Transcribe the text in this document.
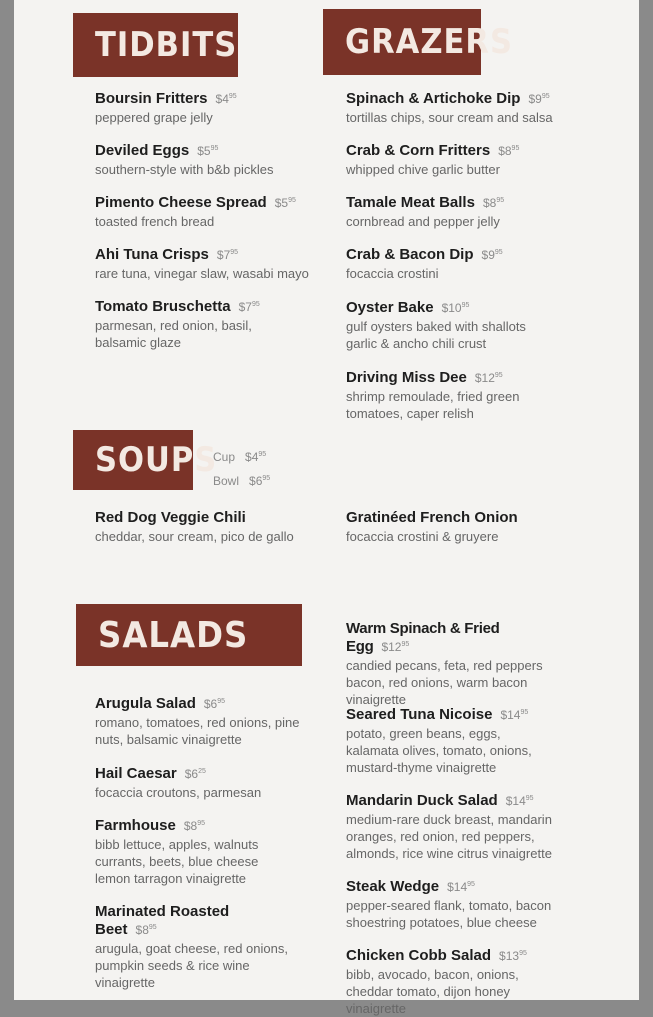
TIDBITS	GRAZERS
SOUPS
SALADS
Boursin Fritters $\$4^{95}$
peppered grape jelly
Deviled Eggs $\$5^{95}$
southern-style with b&b pickles
Pimento Cheese Spread $\$5^{95}$
toasted french bread
Ahi Tuna Crisps $\$7^{95}$
rare tuna, vinegar slaw, wasabi mayo
Tomato Bruschetta $\$7^{95}$
parmesan, red onion, basil, balsamic glaze
Spinach & Artichoke Dip $\$9^{95}$
tortillas chips, sour cream and salsa
Crab & Corn Fritters $\$8^{95}$
whipped chive garlic butter
Tamale Meat Balls $\$8^{95}$
cornbread and pepper jelly
Crab & Bacon Dip $\$9^{95}$
focaccia crostini
Oyster Bake $\$10^{95}$
gulf oysters baked with shallots garlic & ancho chili crust
Driving Miss Dee $\$12^{95}$
shrimp remoulade, fried green tomatoes, caper relish
Cup $\$4^{95}$
Bowl $\$6^{95}$
Red Dog Veggie Chili
cheddar, sour cream, pico de gallo
Gratinéed French Onion
focaccia crostini & gruyere
Arugula Salad $\$6^{95}$
romano, tomatoes, red onions, pine nuts, balsamic vinaigrette
Hail Caesar $\$6^{25}$
focaccia croutons, parmesan
Farmhouse $\$8^{95}$
bibb lettuce, apples, walnuts currants, beets, blue cheese lemon tarragon vinaigrette
Marinated Roasted Beet $\$8^{95}$
arugula, goat cheese, red onions, pumpkin seeds & rice wine vinaigrette
Warm Spinach & Fried Egg $\$12^{95}$
candied pecans, feta, red peppers bacon, red onions, warm bacon vinaigrette
Seared Tuna Nicoise $\$14^{95}$
potato, green beans, eggs, kalamata olives, tomato, onions, mustard-thyme vinaigrette
Mandarin Duck Salad $\$14^{95}$
medium-rare duck breast, mandarin oranges, red onion, red peppers, almonds, rice wine citrus vinaigrette
Steak Wedge $\$14^{95}$
pepper-seared flank, tomato, bacon shoestring potatoes, blue cheese
Chicken Cobb Salad $\$13^{95}$
bibb, avocado, bacon, onions, cheddar tomato, dijon honey vinaigrette
